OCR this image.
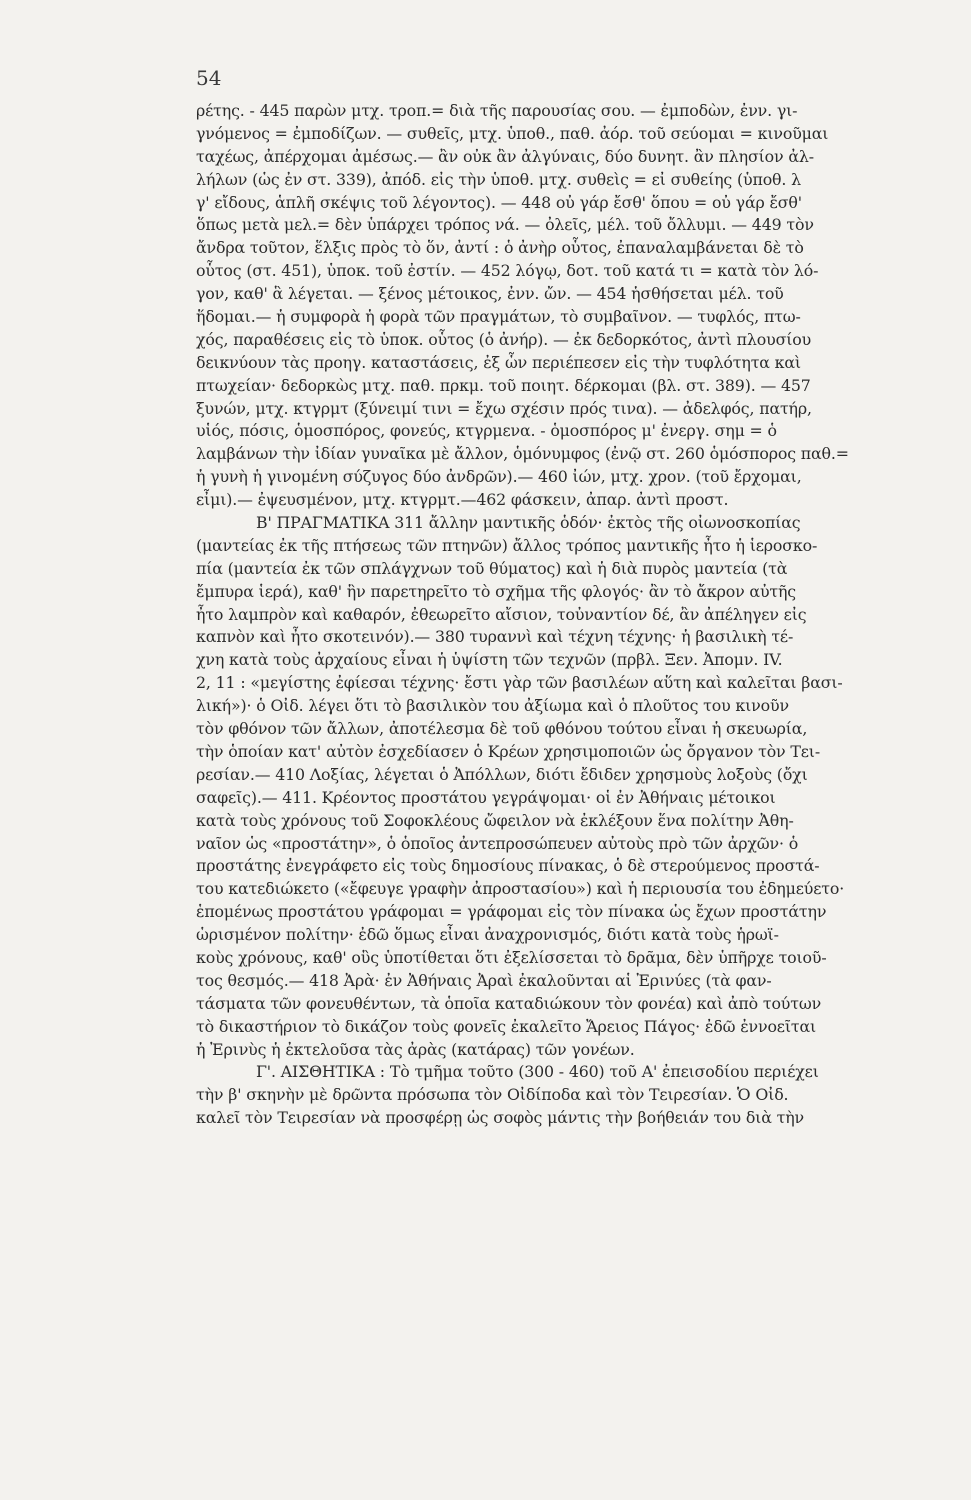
54
ρέτης. - 445 παρὼν μτχ. τροπ.= διὰ τῆς παρουσίας σου. — ἐμποδὼν, ἐνν. γι-
γνόμενος = ἐμποδίζων. — συθεῖς, μτχ. ὑποθ., παθ. ἀόρ. τοῦ σεύομαι = κινοῦμαι
ταχέως, ἀπέρχομαι ἀμέσως.— ἂν οὐκ ἂν ἀλγύναις, δύο δυνητ. ἂν πλησίον ἀλ-
λήλων (ὡς ἐν στ. 339), ἀπόδ. εἰς τὴν ὑποθ. μτχ. συθεὶς = εἰ συθείης (ὑποθ. λ
γ' εἴδους, ἁπλῆ σκέψις τοῦ λέγοντος). — 448 οὐ γάρ ἔσθ' ὅπου = οὐ γάρ ἔσθ'
ὅπως μετὰ μελ.= δὲν ὑπάρχει τρόπος νά. — ὀλεῖς, μέλ. τοῦ ὄλλυμι. — 449 τὸν
ἄνδρα τοῦτον, ἕλξις πρὸς τὸ ὅν, ἀντί : ὁ ἀνὴρ οὗτος, ἐπαναλαμβάνεται δὲ τὸ
οὗτος (στ. 451), ὑποκ. τοῦ ἐστίν. — 452 λόγῳ, δοτ. τοῦ κατά τι = κατὰ τὸν λό-
γον, καθ' ἃ λέγεται. — ξένος μέτοικος, ἐνν. ὤν. — 454 ἡσθήσεται μέλ. τοῦ
ἥδομαι.— ἡ συμφορὰ ἡ φορὰ τῶν πραγμάτων, τὸ συμβαῖνον. — τυφλός, πτω-
χός, παραθέσεις εἰς τὸ ὑποκ. οὗτος (ὁ ἀνήρ). — ἐκ δεδορκότος, ἀντὶ πλουσίου
δεικνύουν τὰς προηγ. καταστάσεις, ἐξ ὧν περιέπεσεν εἰς τὴν τυφλότητα καὶ
πτωχείαν· δεδορκὼς μτχ. παθ. πρκμ. τοῦ ποιητ. δέρκομαι (βλ. στ. 389). — 457
ξυνών, μτχ. κτγρμτ (ξύνειμί τινι = ἔχω σχέσιν πρός τινα). — ἀδελφός, πατήρ,
υἱός, πόσις, ὁμοσπόρος, φονεύς, κτγρμενα. - ὁμοσπόρος μ' ἐνεργ. σημ = ὁ
λαμβάνων τὴν ἰδίαν γυναῖκα μὲ ἄλλον, ὁμόνυμφος (ἐνῷ στ. 260 ὁμόσπορος παθ.=
ἡ γυνὴ ἡ γινομένη σύζυγος δύο ἀνδρῶν).— 460 ἰών, μτχ. χρον. (τοῦ ἔρχομαι,
εἶμι).— ἐψευσμένον, μτχ. κτγρμτ.—462 φάσκειν, ἀπαρ. ἀντὶ προστ.
Β' ΠΡΑΓΜΑΤΙΚΑ 311 ἄλλην μαντικῆς ὁδόν· ἐκτὸς τῆς οἰωνοσκοπίας
(μαντείας ἐκ τῆς πτήσεως τῶν πτηνῶν) ἄλλος τρόπος μαντικῆς ἦτο ἡ ἱεροσκο-
πία (μαντεία ἐκ τῶν σπλάγχνων τοῦ θύματος) καὶ ἡ διὰ πυρὸς μαντεία (τὰ
ἔμπυρα ἱερά), καθ' ἣν παρετηρεῖτο τὸ σχῆμα τῆς φλογός· ἂν τὸ ἄκρον αὐτῆς
ἦτο λαμπρὸν καὶ καθαρόν, ἐθεωρεῖτο αἴσιον, τοὐναντίον δέ, ἂν ἀπέληγεν εἰς
καπνὸν καὶ ἦτο σκοτεινόν).— 380 τυραννὶ καὶ τέχνη τέχνης· ἡ βασιλικὴ τέ-
χνη κατὰ τοὺς ἀρχαίους εἶναι ἡ ὑψίστη τῶν τεχνῶν (πρβλ. Ξεν. Ἀπομν. IV.
2, 11 : «μεγίστης ἐφίεσαι τέχνης· ἔστι γὰρ τῶν βασιλέων αὕτη καὶ καλεῖται βασι-
λική»)· ὁ Οἰδ. λέγει ὅτι τὸ βασιλικὸν του ἀξίωμα καὶ ὁ πλοῦτος του κινοῦν
τὸν φθόνον τῶν ἄλλων, ἀποτέλεσμα δὲ τοῦ φθόνου τούτου εἶναι ἡ σκευωρία,
τὴν ὁποίαν κατ' αὐτὸν ἐσχεδίασεν ὁ Κρέων χρησιμοποιῶν ὡς ὄργανον τὸν Τει-
ρεσίαν.— 410 Λοξίας, λέγεται ὁ Ἀπόλλων, διότι ἔδιδεν χρησμοὺς λοξοὺς (ὄχι
σαφεῖς).— 411. Κρέοντος προστάτου γεγράψομαι· οἱ ἐν Ἀθήναις μέτοικοι
κατὰ τοὺς χρόνους τοῦ Σοφοκλέους ὤφειλον νὰ ἐκλέξουν ἕνα πολίτην Ἀθη-
ναῖον ὡς «προστάτην», ὁ ὁποῖος ἀντεπροσώπευεν αὐτοὺς πρὸ τῶν ἀρχῶν· ὁ
προστάτης ἐνεγράφετο εἰς τοὺς δημοσίους πίνακας, ὁ δὲ στερούμενος προστά-
του κατεδιώκετο («ἔφευγε γραφὴν ἀπροστασίου») καὶ ἡ περιουσία του ἐδημεύετο·
ἑπομένως προστάτου γράφομαι = γράφομαι εἰς τὸν πίνακα ὡς ἔχων προστάτην
ὡρισμένον πολίτην· ἐδῶ ὅμως εἶναι ἀναχρονισμός, διότι κατὰ τοὺς ἡρωϊ-
κοὺς χρόνους, καθ' οὓς ὑποτίθεται ὅτι ἐξελίσσεται τὸ δρᾶμα, δὲν ὑπῆρχε τοιοῦ-
τος θεσμός.— 418 Ἀρὰ· ἐν Ἀθήναις Ἀραὶ ἐκαλοῦνται αἱ Ἐρινύες (τὰ φαν-
τάσματα τῶν φονευθέντων, τὰ ὁποῖα καταδιώκουν τὸν φονέα) καὶ ἀπὸ τούτων
τὸ δικαστήριον τὸ δικάζον τοὺς φονεῖς ἐκαλεῖτο Ἄρειος Πάγος· ἐδῶ ἐννοεῖται
ἡ Ἐρινὺς ἡ ἐκτελοῦσα τὰς ἀρὰς (κατάρας) τῶν γονέων.
Γ'. ΑΙΣΘΗΤΙΚΑ : Τὸ τμῆμα τοῦτο (300 - 460) τοῦ Α' ἐπεισοδίου περιέχει
τὴν β' σκηνὴν μὲ δρῶντα πρόσωπα τὸν Οἰδίποδα καὶ τὸν Τειρεσίαν. Ὁ Οἰδ.
καλεῖ τὸν Τειρεσίαν νὰ προσφέρῃ ὡς σοφὸς μάντις τὴν βοήθειάν του διὰ τὴν
